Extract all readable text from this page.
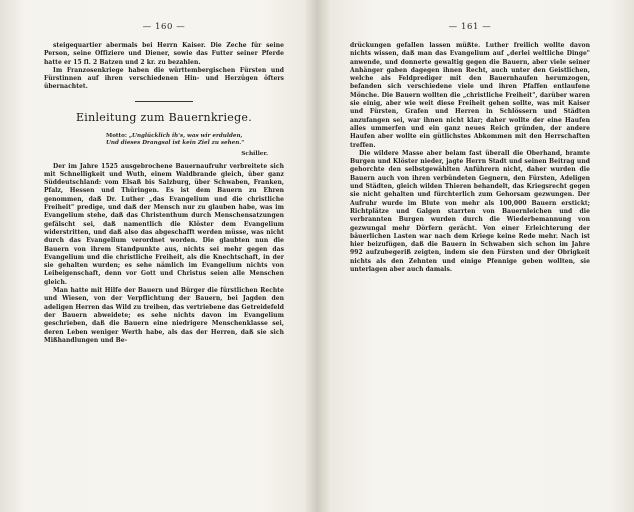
— 160 —

steigequartier abermals bei Herrn Kaiser. Die Zeche für seine Person, seine Offiziere und Diener, sowie das Futter seiner Pferde hatte er 15 fl. 2 Batzen und 2 kr. zu bezahlen.

Im Franzosenkriege haben die württembergischen Fürsten und Fürstinnen auf ihren verschiedenen Hin- und Herzügen öfters übernachtet.

Einleitung zum Bauernkriege.
Motto: „Unglücklich ih's, was wir erdulden,
Und dieses Drangsal ist kein Ziel zu sehen."
Schiller.

Der im Jahre 1525 ausgebrochene Bauernaufruhr verbreitete sich mit Schnelligkeit und Wuth, einem Waldbrande gleich, über ganz Süddeutschland: vom Elsaß bis Salzburg, über Schwaben, Franken, Pfalz, Hessen und Thüringen. Es ist dem Bauern zu Ehren genommen, daß Dr. Luther „das Evangelium und die christliche Freiheit" predige, und daß der Mensch nur zu glauben habe, was im Evangelium stehe, daß das Christenthum durch Menschensatzungen gefälscht sei, daß namentlich die Klöster dem Evangelium widerstritten, und daß also das abgeschafft werden müsse, was nicht durch das Evangelium verordnet worden. Die glaubten nun die Bauern von ihrem Standpunkte aus, nichts sei mehr gegen das Evangelium und die christliche Freiheit, als die Knechtschaft, in der sie gehalten wurden; es sehe nämlich im Evangelium nichts von Leibeigenschaft, denn vor Gott und Christus seien alle Menschen gleich.

Man hatte mit Hilfe der Bauern und Bürger die fürstlichen Rechte und Wiesen, von der Verpflichtung der Bauern, bei Jagden den adeligen Herren das Wild zu treiben, das vertriebene das Getreidefeld der Bauern abweidete; es sehe nichts davon im Evangelium geschrieben, daß die Bauern eine niedrigere Menschenklasse sei, deren Leben weniger Werth habe, als das der Herren, daß sie sich Mißhandlungen und Be-

— 161 —

drückungen gefallen lassen müßte. Luther freilich wollte davon nichts wissen, daß man das Evangelium auf „derlei weltliche Dinge" anwende, und donnerte gewaltig gegen die Bauern, aber viele seiner Anhänger gaben dagegen ihnen Recht, auch unter den Geistlichen, welche als Feldprediger mit den Bauernhaufen herumzogen, befanden sich verschiedene viele und ihren Pfaffen entlaufene Mönche. Die Bauern wollten die „christliche Freiheit", darüber waren sie einig, aber wie weit diese Freiheit gehen sollte, was mit Kaiser und Fürsten, Grafen und Herren in Schlössern und Städten anzufangen sei, war ihnen nicht klar; daher wollte der eine Haufen alles ummerfen und ein ganz neues Reich gründen, der andere Haufen aber wollte ein gütlichstes Abkommen mit den Herrschaften treffen.

Die wildere Masse aber belam fast überall die Oberhand, bramte Burgen und Klöster nieder, jagte Herrn Stadt und seinen Beitrag und gehorchte den selbstgewählten Anführern nicht, daher wurden die Bauern auch von ihren verbündeten Gegnern, den Fürsten, Adeligen und Städten, gleich wilden Thieren behandelt, das Kriegsrecht gegen sie nicht gehalten und fürchterlich zum Gehorsam gezwungen. Der Aufruhr wurde im Blute von mehr als 100,000 Bauern erstickt; Richtplätze und Galgen starrten von Bauernleichen und die verbrannten Burgen wurden durch die Wiederbemannung von gezwungal mehr Dörfern gerächt. Von einer Erleichterung der bäuerlichen Lasten war nach dem Kriege keine Rede mehr. Nach ist hier beizufügen, daß die Bauern in Schwaben sich schon im Jahre 992 aufzubegeriß zeigten, indem sie den Fürsten und der Obrigkeit nichts als den Zehnten und einige Pfennige geben wollten, sie unterlagen aber auch damals.
